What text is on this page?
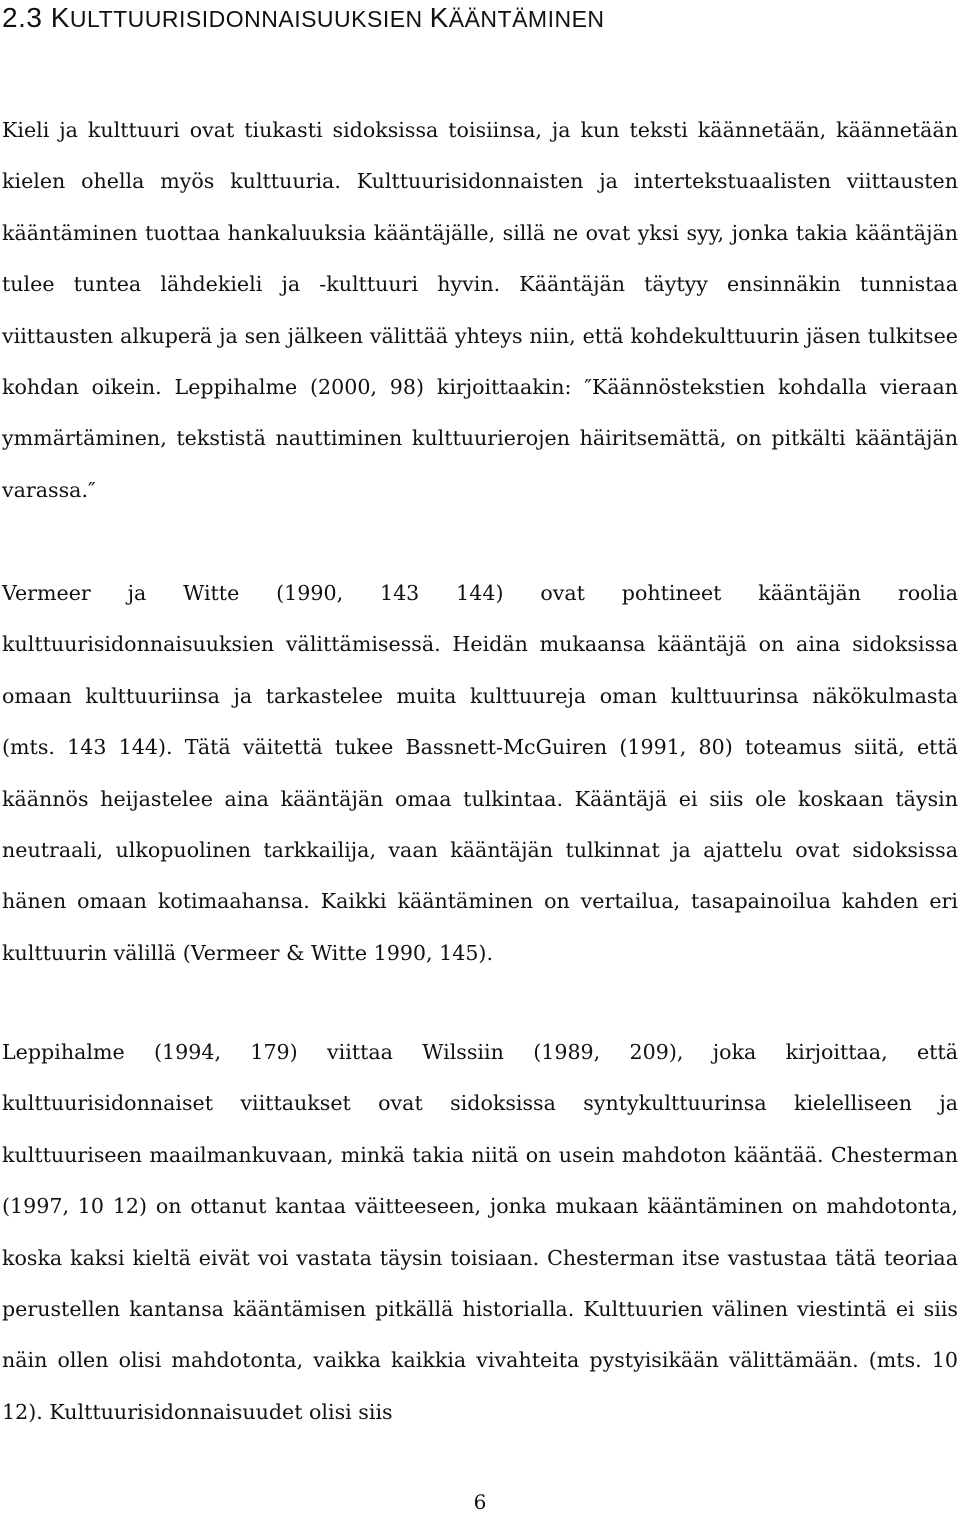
2.3 KULTTUURISIDONNAISUUKSIEN KÄÄNTÄMINEN

Kieli ja kulttuuri ovat tiukasti sidoksissa toisiinsa, ja kun teksti käännetään, käännetään kielen ohella myös kulttuuria. Kulttuurisidonnaisten ja intertekstuaalisten viittausten kääntäminen tuottaa hankaluuksia kääntäjälle, sillä ne ovat yksi syy, jonka takia kääntäjän tulee tuntea lähdekieli ja -kulttuuri hyvin. Kääntäjän täytyy ensinnäkin tunnistaa viittausten alkuperä ja sen jälkeen välittää yhteys niin, että kohdekulttuurin jäsen tulkitsee kohdan oikein. Leppihalme (2000, 98) kirjoittaakin: ″Käännöstekstien kohdalla vieraan ymmärtäminen, tekstistä nauttiminen kulttuurierojen häiritsemättä, on pitkälti kääntäjän varassa.″

Vermeer ja Witte (1990, 143 144) ovat pohtineet kääntäjän roolia kulttuurisidonnaisuuksien välittämisessä. Heidän mukaansa kääntäjä on aina sidoksissa omaan kulttuuriinsa ja tarkastelee muita kulttuureja oman kulttuurinsa näkökulmasta (mts. 143 144). Tätä väitettä tukee Bassnett-McGuiren (1991, 80) toteamus siitä, että käännös heijastelee aina kääntäjän omaa tulkintaa. Kääntäjä ei siis ole koskaan täysin neutraali, ulkopuolinen tarkkailija, vaan kääntäjän tulkinnat ja ajattelu ovat sidoksissa hänen omaan kotimaahansa. Kaikki kääntäminen on vertailua, tasapainoilua kahden eri kulttuurin välillä (Vermeer & Witte 1990, 145).

Leppihalme (1994, 179) viittaa Wilssiin (1989, 209), joka kirjoittaa, että kulttuurisidonnaiset viittaukset ovat sidoksissa syntykulttuurinsa kielelliseen ja kulttuuriseen maailmankuvaan, minkä takia niitä on usein mahdoton kääntää. Chesterman (1997, 10 12) on ottanut kantaa väitteeseen, jonka mukaan kääntäminen on mahdotonta, koska kaksi kieltä eivät voi vastata täysin toisiaan. Chesterman itse vastustaa tätä teoriaa perustellen kantansa kääntämisen pitkällä historialla. Kulttuurien välinen viestintä ei siis näin ollen olisi mahdotonta, vaikka kaikkia vivahteita pystyisikään välittämään. (mts. 10 12). Kulttuurisidonnaisuudet olisi siis

6
